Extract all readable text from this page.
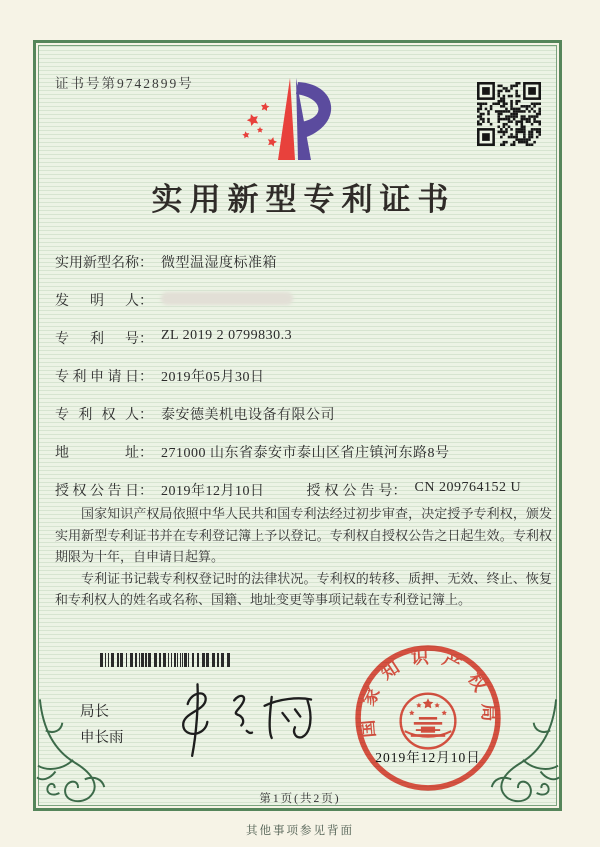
证书号第9742899号
实用新型专利证书
实用新型名称： 微型温湿度标准箱
发明人：
专利号： ZL 2019 2 0799830.3
专利申请日： 2019年05月30日
专利权人： 泰安德美机电设备有限公司
地址： 271000 山东省泰安市泰山区省庄镇河东路8号
授权公告日： 2019年12月10日	授权公告号： CN 209764152 U

国家知识产权局依照中华人民共和国专利法经过初步审查，决定授予专利权，颁发实用新型专利证书并在专利登记簿上予以登记。专利权自授权公告之日起生效。专利权期限为十年，自申请日起算。

专利证书记载专利权登记时的法律状况。专利权的转移、质押、无效、终止、恢复和专利权人的姓名或名称、国籍、地址变更等事项记载在专利登记簿上。

局长
申长雨	国家知识产权局
2019年12月10日
第1页(共2页)
其他事项参见背面
